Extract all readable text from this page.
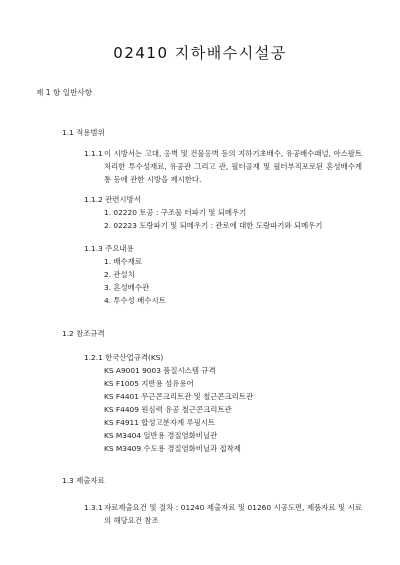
02410 지하배수시설공
제 1 항 일반사항
1.1 적용범위
1.1.1 이 시방서는 고대, 옹벽 및 건물옹벽 등의 지하기초배수, 유공배수패널, 아스팔트 처리한 투수성재료, 유공관 그리고 관, 필터골재 및 필터부직포로된 혼성배수계통 등에 관한 시방을 제시한다.
1.1.2 관련시방서
1. 02220 토공 : 구조물 터파기 및 되메우기
2. 02223 도랑파기 및 되메우기 : 관로에 대한 도랑파기와 되메우기
1.1.3 주요내용
1. 배수재료
2. 관설치
3. 혼성배수관
4. 투수성 배수시트
1.2 참조규격
1.2.1 한국산업규격(KS)
KS A9001 9003 품질시스템 규격
KS F1005 지반용 섬유용어
KS F4401 무근콘크리트관 및 철근콘크리트관
KS F4409 원심력 유공 철근콘크리트관
KS F4911 합성고분자계 루핑시트
KS M3404 일반용 경질염화비닐관
KS M3409 수도용 경질염화비닐과 접착제
1.3 제출자료
1.3.1 자료제출요건 및 절차 : 01240 제출자료 및 01260 시공도면, 제품자료 및 시료의 해당요건 참조
